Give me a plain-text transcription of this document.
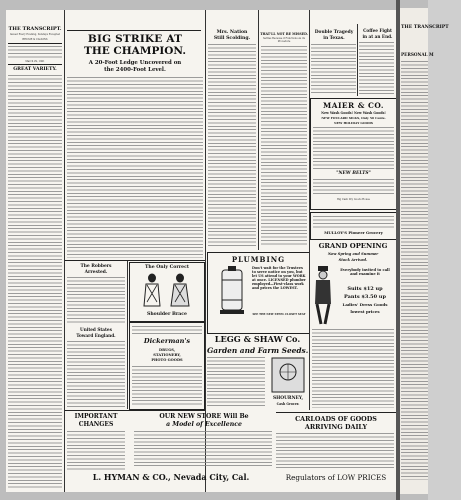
THE TRANSCRIPT.
Issued Every Evening, Sundays Excepted
BRUSIE & CALKINS
March 29, 1901
GREAT VARIETY.
BIG STRIKE AT
THE CHAMPION.
A 20-Foot Ledge Uncovered on
the 2400-Foot Level.
The Robbers
Arrested.
United States
Toward England.
The Only Correct
Shoulder Brace
Dickerman's
DRUGS,
STATIONERY,
PHOTO GOODS
IMPORTANT
CHANGES
OUR NEW STORE Will Be
a Model of Excellence
L. HYMAN & CO., Nevada City, Cal.
Mrs. Nation
Still Scolding.
THAT'LL NOT BE MISSED.
Settles Because it Functions As its Procedure
Double Tragedy
in Texas.
Coffee Fight
in at an End.
MAIER & CO.
New Wash Goods! New Wash Goods!
NEW FOULARD SILKS, Only 50 Cents.
NEW HOLIDAY GOODS
"NEW BELTS"
Big Cash Dry Goods House
MULLOY'S Pioneer Grocery
PLUMBING
Don't wait for the Trustees to serve notice on you, but let US attend to your WORK at once. LICENSED plumber employed—First-class work and prices the LOWEST.
SEE THE NEW STEEL CLOSET SEAT
LEGG & SHAW Co.
Garden and Farm Seeds.
SHOURNEY,
Cash Grocer.
GRAND OPENING
New Spring and Summer
Stock Arrived.
Everybody invited to call and examine it
Suits $12 up
Pants $3.50 up
Ladies' Dress Goods
lowest prices
CARLOADS OF GOODS
ARRIVING DAILY
Regulators of LOW PRICES
THE TRANSCRIPT
PERSONAL M
